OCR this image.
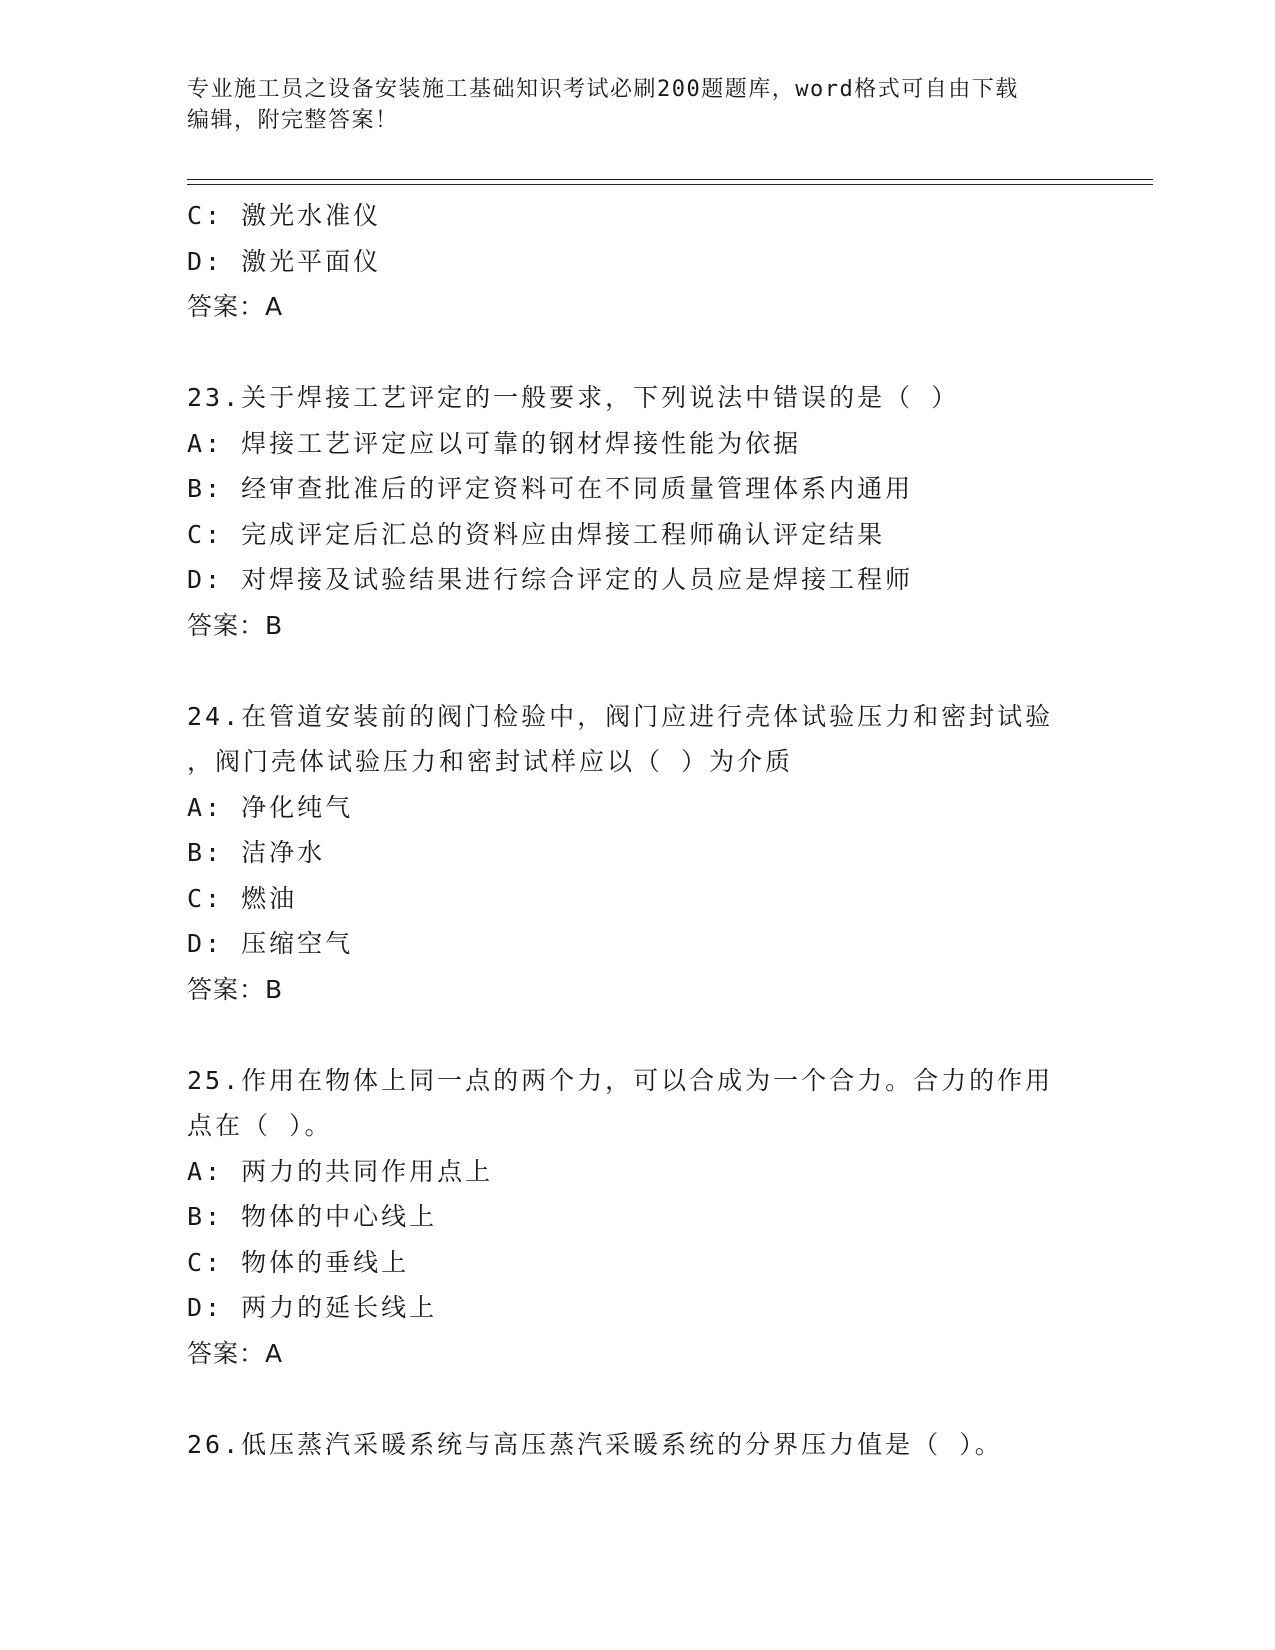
专业施工员之设备安装施工基础知识考试必刷200题题库，word格式可自由下载
编辑，附完整答案！
C: 激光水准仪
D: 激光平面仪
答案：A
23.关于焊接工艺评定的一般要求，下列说法中错误的是（ ）
A: 焊接工艺评定应以可靠的钢材焊接性能为依据
B: 经审查批准后的评定资料可在不同质量管理体系内通用
C: 完成评定后汇总的资料应由焊接工程师确认评定结果
D: 对焊接及试验结果进行综合评定的人员应是焊接工程师
答案：B
24.在管道安装前的阀门检验中，阀门应进行壳体试验压力和密封试验
，阀门壳体试验压力和密封试样应以（ ）为介质
A: 净化纯气
B: 洁净水
C: 燃油
D: 压缩空气
答案：B
25.作用在物体上同一点的两个力，可以合成为一个合力。合力的作用
点在（ ）。
A: 两力的共同作用点上
B: 物体的中心线上
C: 物体的垂线上
D: 两力的延长线上
答案：A
26.低压蒸汽采暖系统与高压蒸汽采暖系统的分界压力值是（ ）。
